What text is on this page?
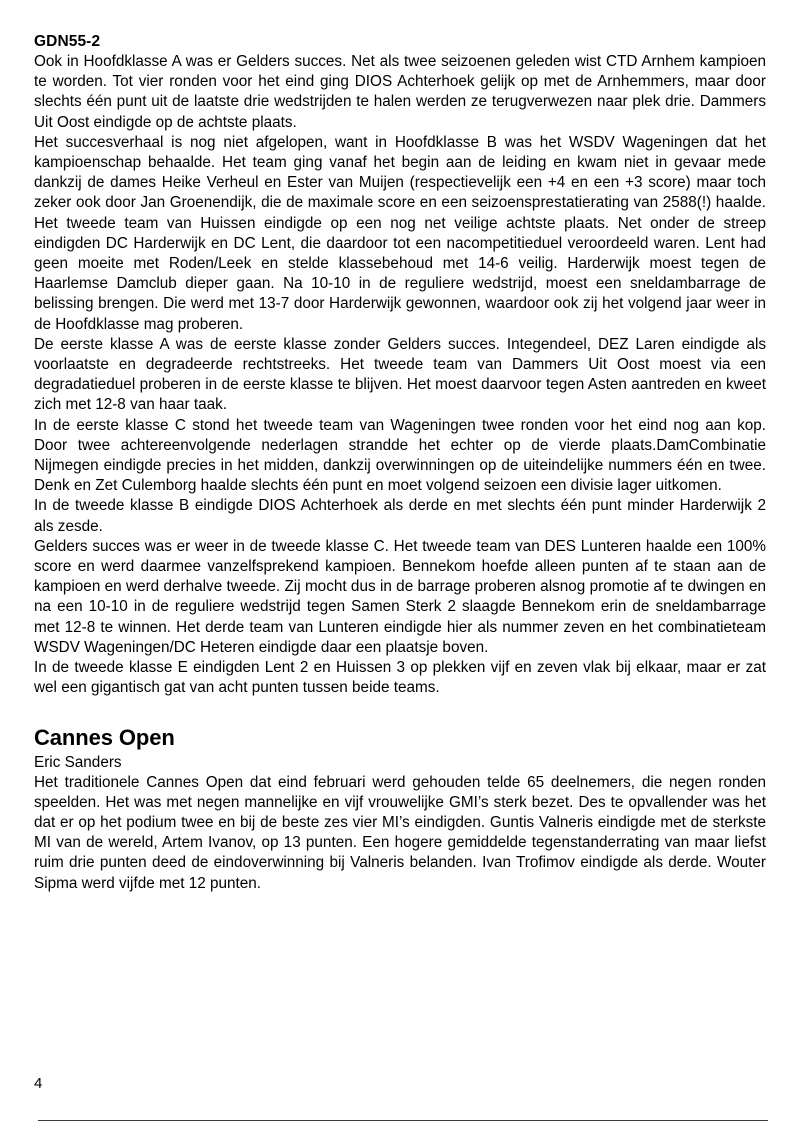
GDN55-2

Ook in Hoofdklasse A was er Gelders succes. Net als twee seizoenen geleden wist CTD Arnhem kampioen te worden. Tot vier ronden voor het eind ging DIOS Achterhoek gelijk op met de Arnhemmers, maar door slechts één punt uit de laatste drie wedstrijden te halen werden ze terugverwezen naar plek drie. Dammers Uit Oost eindigde op de achtste plaats.

Het succesverhaal is nog niet afgelopen, want in Hoofdklasse B was het WSDV Wageningen dat het kampioenschap behaalde. Het team ging vanaf het begin aan de leiding en kwam niet in gevaar mede dankzij de dames Heike Verheul en Ester van Muijen (respectievelijk een +4 en een +3 score) maar toch zeker ook door Jan Groenendijk, die de maximale score en een seizoensprestatierating van 2588(!) haalde. Het tweede team van Huissen eindigde op een nog net veilige achtste plaats. Net onder de streep eindigden DC Harderwijk en DC Lent, die daardoor tot een nacompetitieduel veroordeeld waren. Lent had geen moeite met Roden/Leek en stelde klassebehoud met 14-6 veilig. Harderwijk moest tegen de Haarlemse Damclub dieper gaan. Na 10-10 in de reguliere wedstrijd, moest een sneldambarrage de belissing brengen. Die werd met 13-7 door Harderwijk gewonnen, waardoor ook zij het volgend jaar weer in de Hoofdklasse mag proberen.

De eerste klasse A was de eerste klasse zonder Gelders succes. Integendeel, DEZ Laren eindigde als voorlaatste en degradeerde rechtstreeks. Het tweede team van Dammers Uit Oost moest via een degradatieduel proberen in de eerste klasse te blijven. Het moest daarvoor tegen Asten aantreden en kweet zich met 12-8 van haar taak.

In de eerste klasse C stond het tweede team van Wageningen twee ronden voor het eind nog aan kop. Door twee achtereenvolgende nederlagen strandde het echter op de vierde plaats.DamCombinatie Nijmegen eindigde precies in het midden, dankzij overwinningen op de uiteindelijke nummers één en twee. Denk en Zet Culemborg haalde slechts één punt en moet volgend seizoen een divisie lager uitkomen.

In de tweede klasse B eindigde DIOS Achterhoek als derde en met slechts één punt minder Harderwijk 2 als zesde.

Gelders succes was er weer in de tweede klasse C. Het tweede team van DES Lunteren haalde een 100% score en werd daarmee vanzelfsprekend kampioen. Bennekom hoefde alleen punten af te staan aan de kampioen en werd derhalve tweede. Zij mocht dus in de barrage proberen alsnog promotie af te dwingen en na een 10-10 in de reguliere wedstrijd tegen Samen Sterk 2 slaagde Bennekom erin de sneldambarrage met 12-8 te winnen. Het derde team van Lunteren eindigde hier als nummer zeven en het combinatieteam WSDV Wageningen/DC Heteren eindigde daar een plaatsje boven.

In de tweede klasse E eindigden Lent 2 en Huissen 3 op plekken vijf en zeven vlak bij elkaar, maar er zat wel een gigantisch gat van acht punten tussen beide teams.

Cannes Open
Eric Sanders

Het traditionele Cannes Open dat eind februari werd gehouden telde 65 deelnemers, die negen ronden speelden. Het was met negen mannelijke en vijf vrouwelijke GMI’s sterk bezet. Des te opvallender was het dat er op het podium twee en bij de beste zes vier MI’s eindigden. Guntis Valneris eindigde met de sterkste MI van de wereld, Artem Ivanov, op 13 punten. Een hogere gemiddelde tegenstanderrating van maar liefst ruim drie punten deed de eindoverwinning bij Valneris belanden. Ivan Trofimov eindigde als derde. Wouter Sipma werd vijfde met 12 punten.

4
